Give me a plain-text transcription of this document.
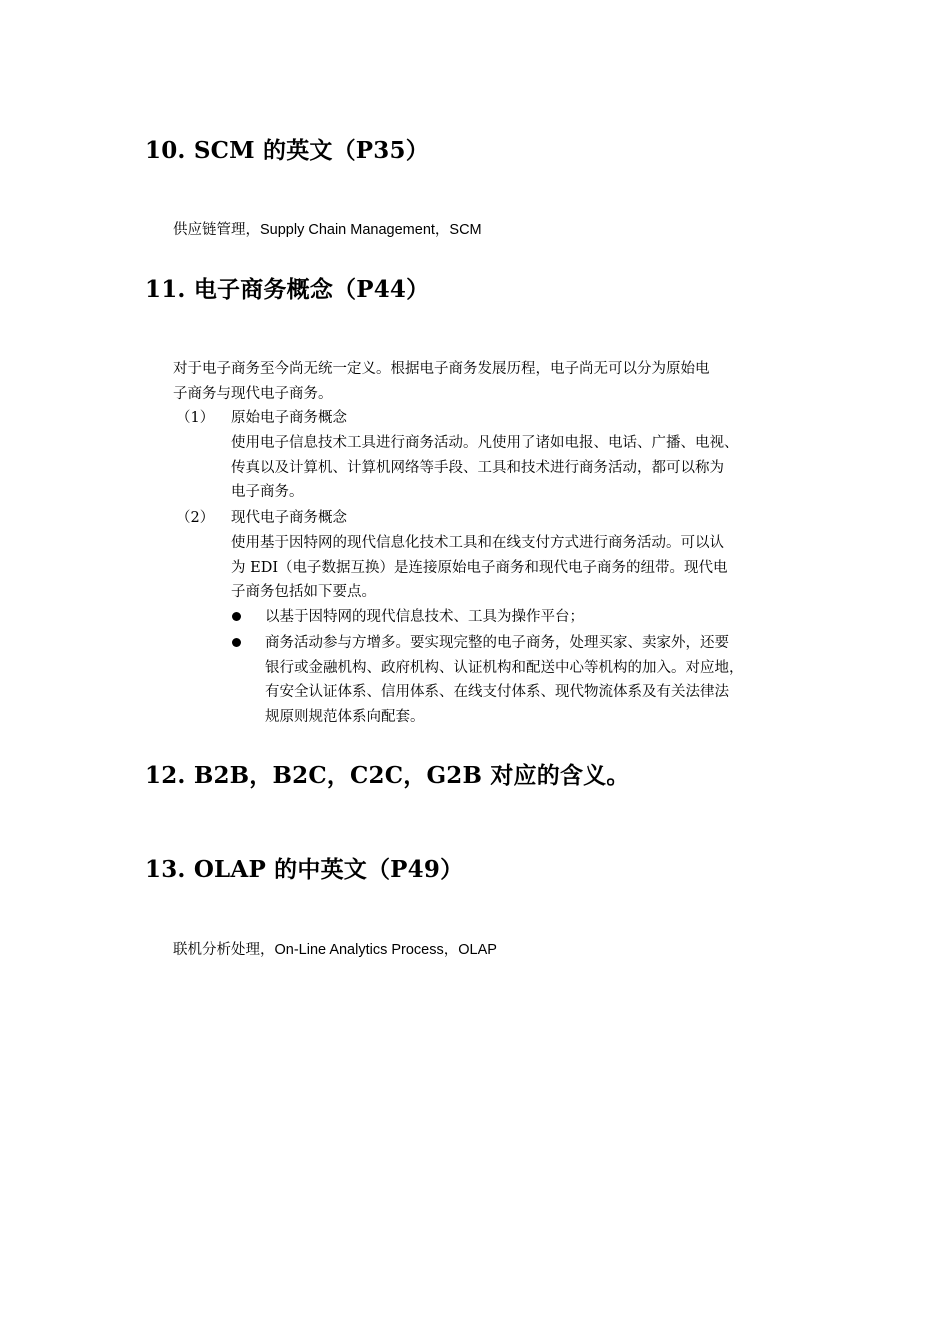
10. SCM 的英文（P35）
供应链管理，Supply Chain Management，SCM
11. 电子商务概念（P44）
对于电子商务至今尚无统一定义。根据电子商务发展历程，电子尚无可以分为原始电
子商务与现代电子商务。
（1） 原始电子商务概念
使用电子信息技术工具进行商务活动。凡使用了诸如电报、电话、广播、电视、
传真以及计算机、计算机网络等手段、工具和技术进行商务活动，都可以称为
电子商务。
（2） 现代电子商务概念
使用基于因特网的现代信息化技术工具和在线支付方式进行商务活动。可以认
为 EDI（电子数据互换）是连接原始电子商务和现代电子商务的纽带。现代电
子商务包括如下要点。
以基于因特网的现代信息技术、工具为操作平台；
商务活动参与方增多。要实现完整的电子商务，处理买家、卖家外，还要
银行或金融机构、政府机构、认证机构和配送中心等机构的加入。对应地，
有安全认证体系、信用体系、在线支付体系、现代物流体系及有关法律法
规原则规范体系向配套。
12. B2B，B2C，C2C，G2B 对应的含义。
13. OLAP 的中英文（P49）
联机分析处理，On-Line Analytics Process，OLAP
